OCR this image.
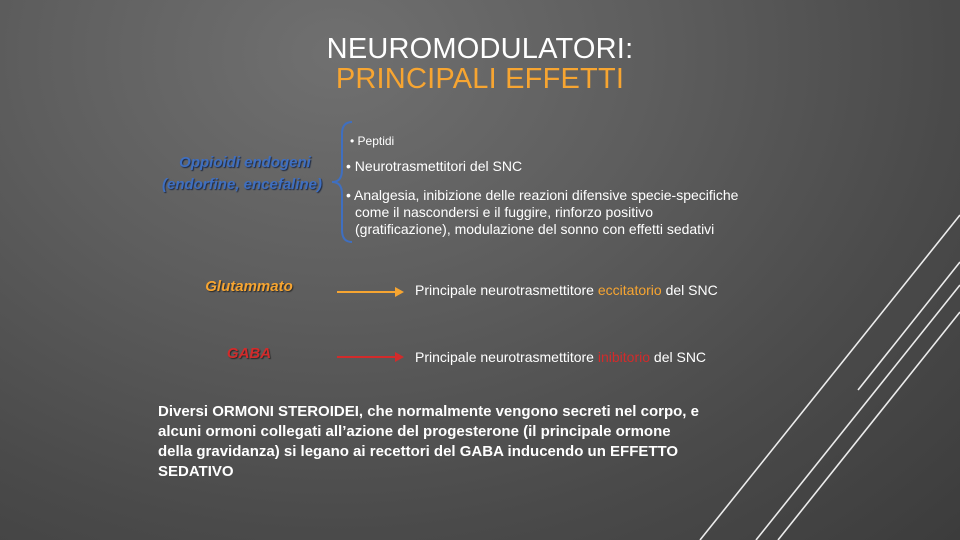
NEUROMODULATORI:
PRINCIPALI EFFETTI
Oppioidi endogeni
(endorfine, encefaline)
• Peptidi
• Neurotrasmettitori del SNC
• Analgesia, inibizione delle reazioni difensive specie-specifiche
come il nascondersi e il fuggire, rinforzo positivo
(gratificazione), modulazione del sonno con effetti sedativi
Glutammato	Principale neurotrasmettitore eccitatorio del SNC
GABA	Principale neurotrasmettitore inibitorio del SNC
Diversi ORMONI STEROIDEI, che normalmente vengono secreti nel corpo, e
alcuni ormoni collegati all’azione del progesterone (il principale ormone
della gravidanza) si legano ai recettori del GABA inducendo un EFFETTO
SEDATIVO
